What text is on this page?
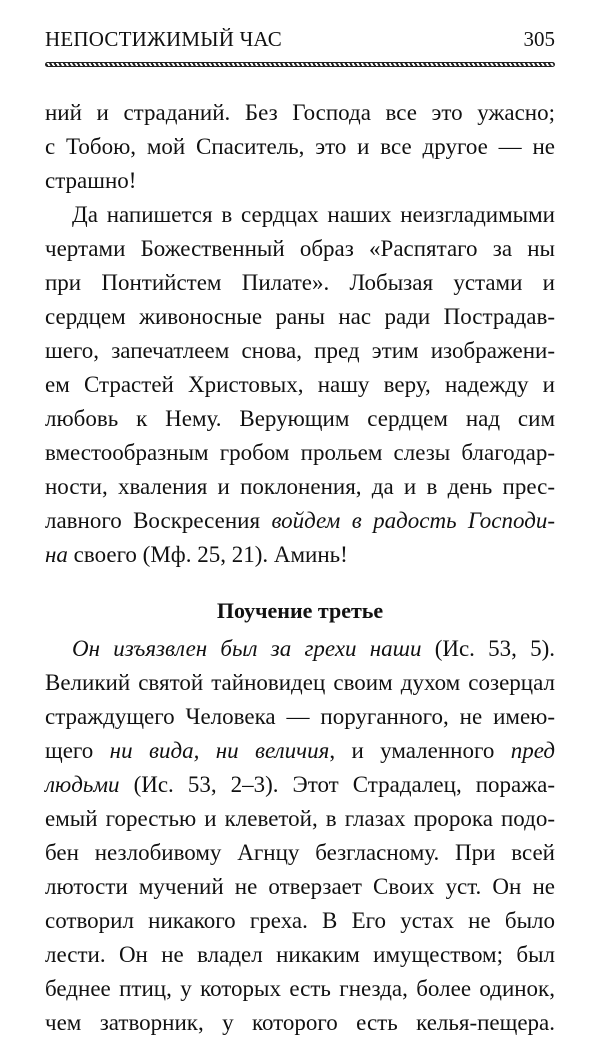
НЕПОСТИЖИМЫЙ ЧАС	305
ний и страданий. Без Господа все это ужасно;
с Тобою, мой Спаситель, это и все другое — не
страшно!
Да напишется в сердцах наших неизгладимыми
чертами Божественный образ «Распятаго за ны
при Понтийстем Пилате». Лобызая устами и
сердцем живоносные раны нас ради Пострадав-
шего, запечатлеем снова, пред этим изображени-
ем Страстей Христовых, нашу веру, надежду и
любовь к Нему. Верующим сердцем над сим
вместообразным гробом прольем слезы благодар-
ности, хваления и поклонения, да и в день прес-
лавного Воскресения войдем в радость Господи-
на своего (Мф. 25, 21). Аминь!
Поучение третье
Он изъязвлен был за грехи наши (Ис. 53, 5).
Великий святой тайновидец своим духом созерцал
страждущего Человека — поруганного, не имею-
щего ни вида, ни величия, и умаленного пред
людьми (Ис. 53, 2–3). Этот Страдалец, поража-
емый горестью и клеветой, в глазах пророка подо-
бен незлобивому Агнцу безгласному. При всей
лютости мучений не отверзает Своих уст. Он не
сотворил никакого греха. В Его устах не было
лести. Он не владел никаким имуществом; был
беднее птиц, у которых есть гнезда, более одинок,
чем затворник, у которого есть келья-пещера.
